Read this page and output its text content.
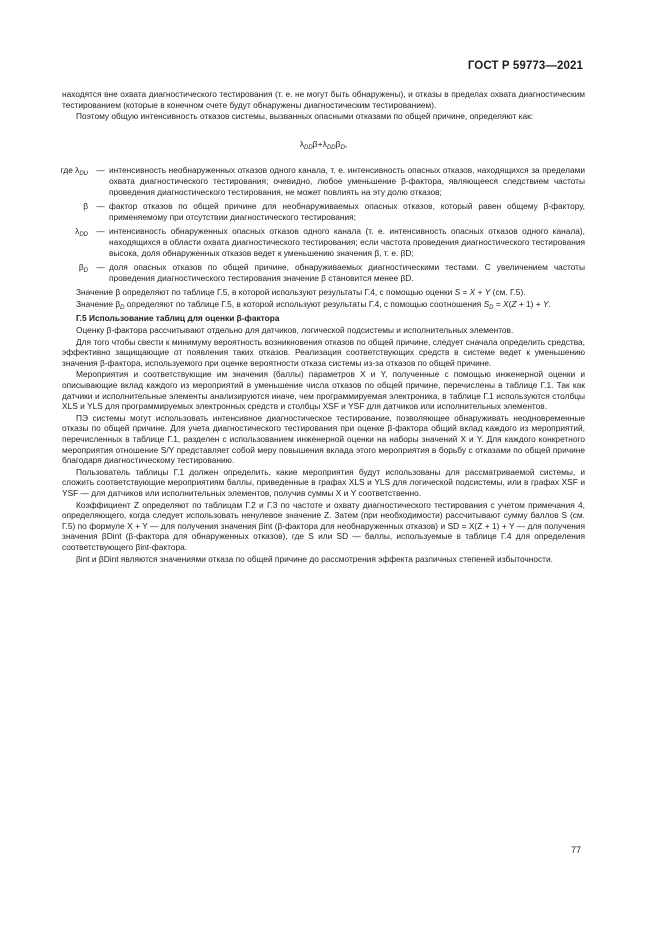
ГОСТ Р 59773—2021

находятся вне охвата диагностического тестирования (т. е. не могут быть обнаружены), и отказы в пределах охвата диагностическим тестированием (которые в конечном счете будут обнаружены диагностическим тестированием).

Поэтому общую интенсивность отказов системы, вызванных опасными отказами по общей причине, определяют как:

$\lambda_{DD}\beta+\lambda_{DD}\beta_D$,
где $\lambda_{DU}$ — интенсивность необнаруженных отказов одного канала, т. е. интенсивность опасных отказов, находящихся за пределами охвата диагностического тестирования; очевидно, любое уменьшение β-фактора, являющееся следствием частоты проведения диагностического тестирования, не может повлиять на эту долю отказов;
β — фактор отказов по общей причине для необнаруживаемых опасных отказов, который равен общему β-фактору, применяемому при отсутствии диагностического тестирования;
$\lambda_{DD}$ — интенсивность обнаруженных опасных отказов одного канала (т. е. интенсивность опасных отказов одного канала), находящихся в области охвата диагностического тестирования; если частота проведения диагностического тестирования высока, доля обнаруженных отказов ведет к уменьшению значения β, т. е. βD;
$\beta_D$ — доля опасных отказов по общей причине, обнаруживаемых диагностическими тестами. С увеличением частоты проведения диагностического тестирования значение β становится менее βD.

Значение β определяют по таблице Г.5, в которой используют результаты Г.4, с помощью оценки S = X + Y (см. Г.5).

Значение $\beta_D$ определяют по таблице Г.5, в которой используют результаты Г.4, с помощью соотношения $S_D = X(Z + 1) + Y$.

Г.5 Использование таблиц для оценки β-фактора

Оценку β-фактора рассчитывают отдельно для датчиков, логической подсистемы и исполнительных элементов.

Для того чтобы свести к минимуму вероятность возникновения отказов по общей причине, следует сначала определить средства, эффективно защищающие от появления таких отказов. Реализация соответствующих средств в системе ведет к уменьшению значения β-фактора, используемого при оценке вероятности отказа системы из-за отказов по общей причине.

Мероприятия и соответствующие им значения (баллы) параметров X и Y, полученные с помощью инженерной оценки и описывающие вклад каждого из мероприятий в уменьшение числа отказов по общей причине, перечислены в таблице Г.1. Так как датчики и исполнительные элементы анализируются иначе, чем программируемая электроника, в таблице Г.1 используются столбцы XLS и YLS для программируемых электронных средств и столбцы XSF и YSF для датчиков или исполнительных элементов.

ПЭ системы могут использовать интенсивное диагностическое тестирование, позволяющее обнаруживать неодновременные отказы по общей причине. Для учета диагностического тестирования при оценке β-фактора общий вклад каждого из мероприятий, перечисленных в таблице Г.1, разделен с использованием инженерной оценки на наборы значений X и Y. Для каждого конкретного мероприятия отношение S/Y представляет собой меру повышения вклада этого мероприятия в борьбу с отказами по общей причине благодаря диагностическому тестированию.

Пользователь таблицы Г.1 должен определить, какие мероприятия будут использованы для рассматриваемой системы, и сложить соответствующие мероприятиям баллы, приведенные в графах XLS и YLS для логической подсистемы, или в графах XSF и YSF — для датчиков или исполнительных элементов, получив суммы X и Y соответственно.

Коэффициент Z определяют по таблицам Г.2 и Г.3 по частоте и охвату диагностического тестирования с учетом примечания 4, определяющего, когда следует использовать ненулевое значение Z. Затем (при необходимости) рассчитывают сумму баллов S (см. Г.5) по формуле X + Y — для получения значения βint (β-фактора для необнаруженных отказов) и SD = X(Z + 1) + Y — для получения значения βDint (β-фактора для обнаруженных отказов), где S или SD — баллы, используемые в таблице Г.4 для определения соответствующего βint-фактора.

βint и βDint являются значениями отказа по общей причине до рассмотрения эффекта различных степеней избыточности.

77
